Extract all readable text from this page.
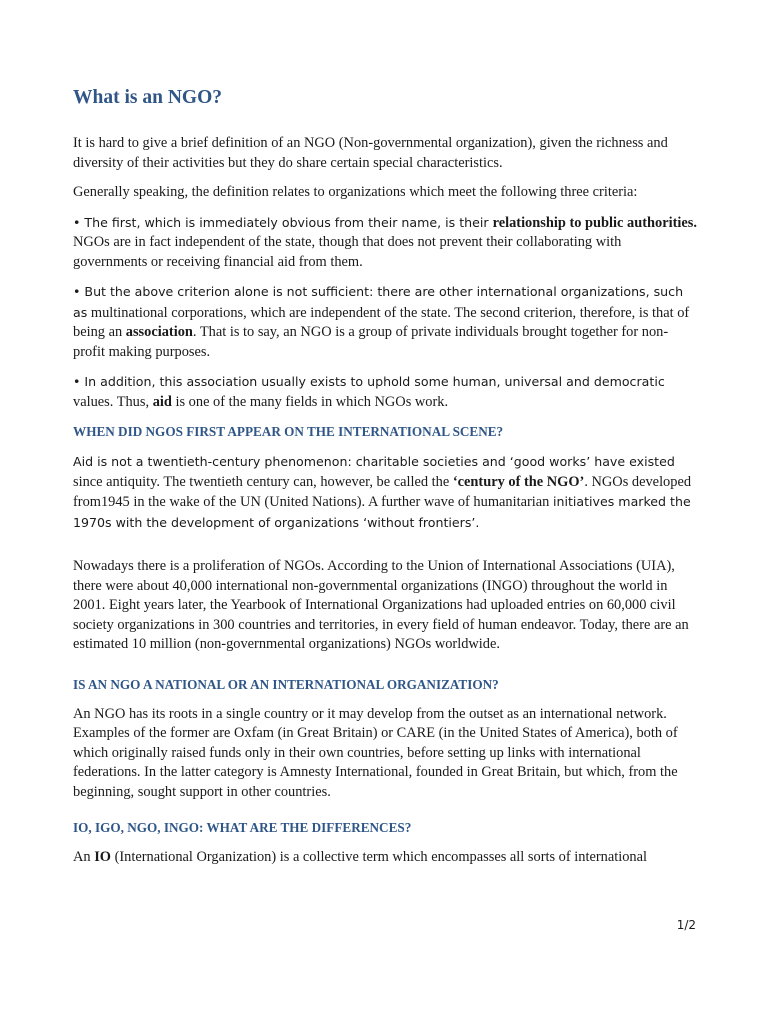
What is an NGO?

It is hard to give a brief definition of an NGO (Non-governmental organization), given the richness and diversity of their activities but they do share certain special characteristics.

Generally speaking, the definition relates to organizations which meet the following three criteria:

• The first, which is immediately obvious from their name, is their relationship to public authorities. NGOs are in fact independent of the state, though that does not prevent their collaborating with governments or receiving financial aid from them.

• But the above criterion alone is not sufficient: there are other international organizations, such as multinational corporations, which are independent of the state. The second criterion, therefore, is that of being an association. That is to say, an NGO is a group of private individuals brought together for non-profit making purposes.

• In addition, this association usually exists to uphold some human, universal and democratic values. Thus, aid is one of the many fields in which NGOs work.

WHEN DID NGOS FIRST APPEAR ON THE INTERNATIONAL SCENE?

Aid is not a twentieth-century phenomenon: charitable societies and ‘good works’ have existed since antiquity. The twentieth century can, however, be called the ‘century of the NGO’. NGOs developed from1945 in the wake of the UN (United Nations). A further wave of humanitarian initiatives marked the 1970s with the development of organizations ‘without frontiers’.

Nowadays there is a proliferation of NGOs. According to the Union of International Associations (UIA), there were about 40,000 international non-governmental organizations (INGO) throughout the world in 2001. Eight years later, the Yearbook of International Organizations had uploaded entries on 60,000 civil society organizations in 300 countries and territories, in every field of human endeavor. Today, there are an estimated 10 million (non-governmental organizations) NGOs worldwide.

IS AN NGO A NATIONAL OR AN INTERNATIONAL ORGANIZATION?

An NGO has its roots in a single country or it may develop from the outset as an international network. Examples of the former are Oxfam (in Great Britain) or CARE (in the United States of America), both of which originally raised funds only in their own countries, before setting up links with international federations. In the latter category is Amnesty International, founded in Great Britain, but which, from the beginning, sought support in other countries.

IO, IGO, NGO, INGO: WHAT ARE THE DIFFERENCES?

An IO (International Organization) is a collective term which encompasses all sorts of international

1/2
